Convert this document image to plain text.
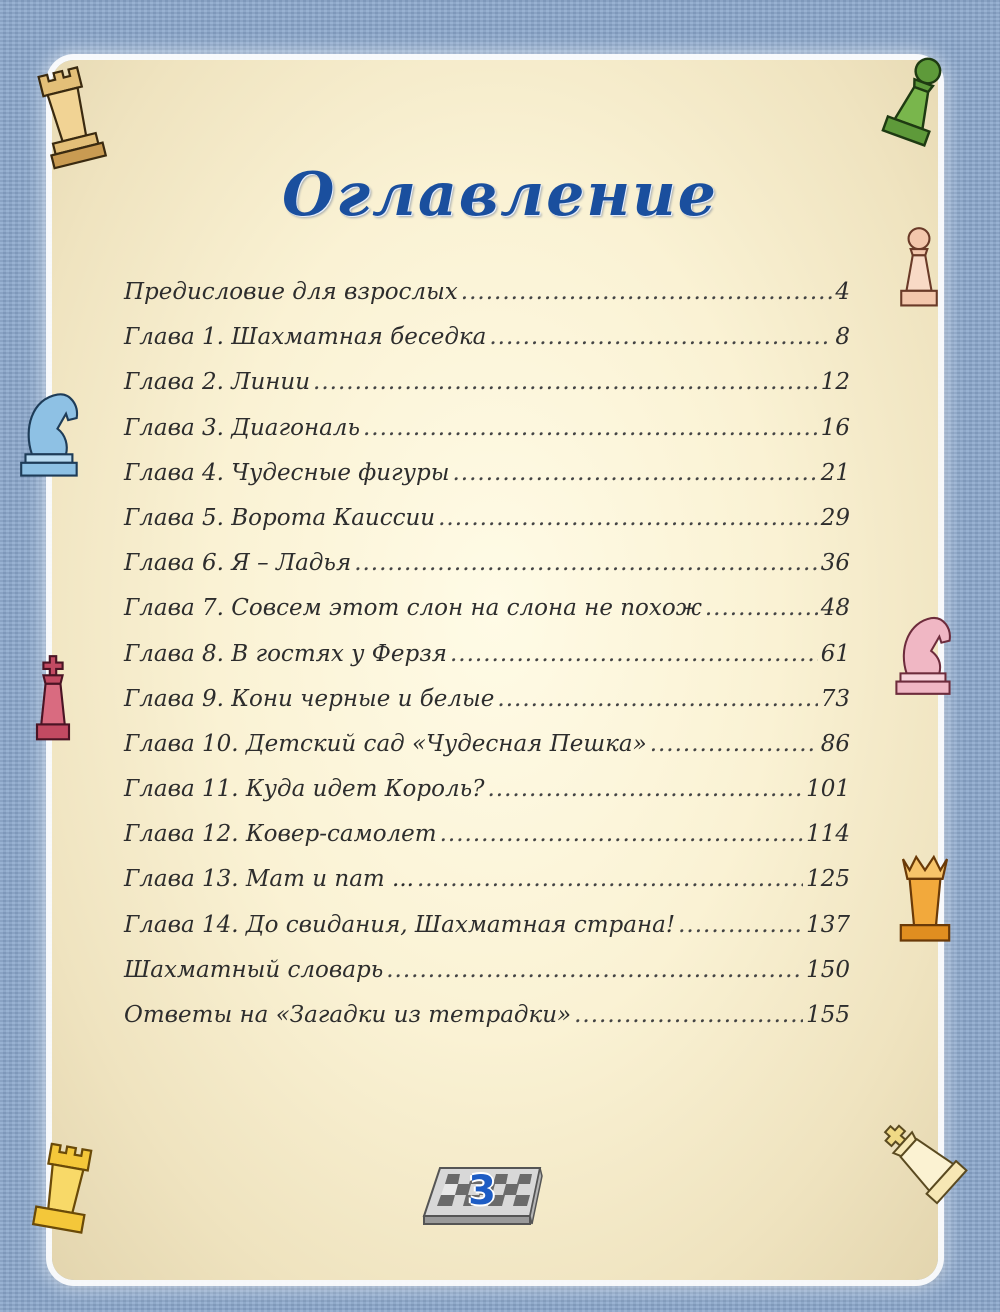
Оглавление
Предисловие для взрослых .....	4
Глава 1. Шахматная беседка .....	8
Глава 2. Линии .....	12
Глава 3. Диагональ .....	16
Глава 4. Чудесные фигуры .....	21
Глава 5. Ворота Каиссии .....	29
Глава 6. Я – Ладья .....	36
Глава 7. Совсем этот слон на слона не похож .....	48
Глава 8. В гостях у Ферзя .....	61
Глава 9. Кони черные и белые .....	73
Глава 10. Детский сад «Чудесная Пешка» .....	86
Глава 11. Куда идет Король? .....	101
Глава 12. Ковер-самолет .....	114
Глава 13. Мат и пат ... .....	125
Глава 14. До свидания, Шахматная страна! .....	137
Шахматный словарь .....	150
Ответы на «Загадки из тетрадки» .....	155
3
